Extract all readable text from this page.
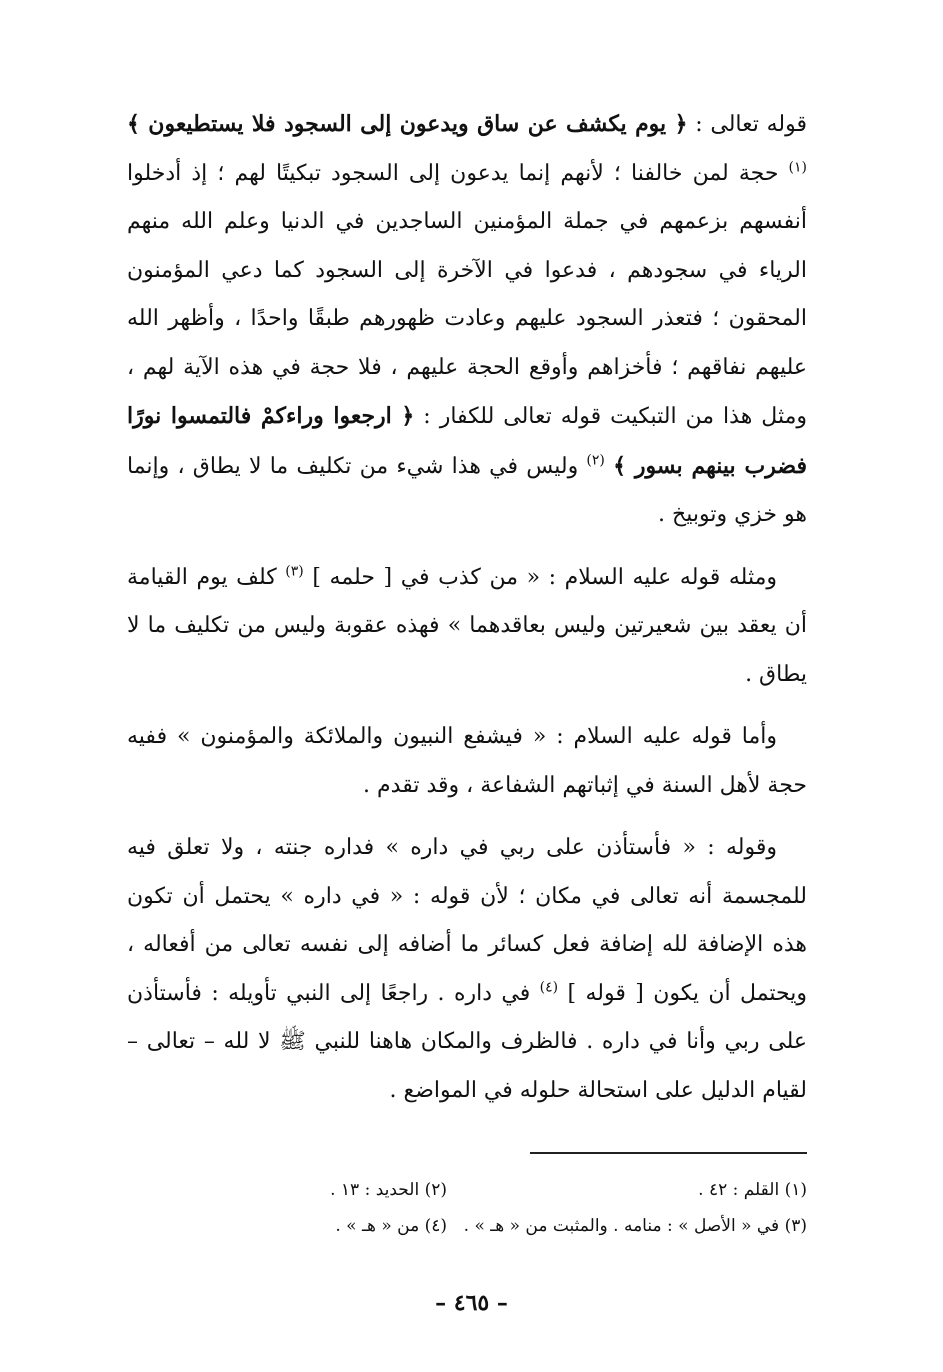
قوله تعالى : ﴿ يوم يكشف عن ساق ويدعون إلى السجود فلا يستطيعون ﴾ $^{(١)}$ حجة لمن خالفنا ؛ لأنهم إنما يدعون إلى السجود تبكيتًا لهم ؛ إذ أدخلوا أنفسهم بزعمهم في جملة المؤمنين الساجدين في الدنيا وعلم الله منهم الرياء في سجودهم ، فدعوا في الآخرة إلى السجود كما دعي المؤمنون المحقون ؛ فتعذر السجود عليهم وعادت ظهورهم طبقًا واحدًا ، وأظهر الله عليهم نفاقهم ؛ فأخزاهم وأوقع الحجة عليهم ، فلا حجة في هذه الآية لهم ، ومثل هذا من التبكيت قوله تعالى للكفار : ﴿ ارجعوا وراءكمْ فالتمسوا نورًا فضرب بينهم بسور ﴾ $^{(٢)}$ وليس في هذا شيء من تكليف ما لا يطاق ، وإنما هو خزي وتوبيخ .

ومثله قوله عليه السلام : « من كذب في [ حلمه ] $^{(٣)}$ كلف يوم القيامة أن يعقد بين شعيرتين وليس بعاقدهما » فهذه عقوبة وليس من تكليف ما لا يطاق .

وأما قوله عليه السلام : « فيشفع النبيون والملائكة والمؤمنون » ففيه حجة لأهل السنة في إثباتهم الشفاعة ، وقد تقدم .

وقوله : « فأستأذن على ربي في داره » فداره جنته ، ولا تعلق فيه للمجسمة أنه تعالى في مكان ؛ لأن قوله : « في داره » يحتمل أن تكون هذه الإضافة لله إضافة فعل كسائر ما أضافه إلى نفسه تعالى من أفعاله ، ويحتمل أن يكون [ قوله ] $^{(٤)}$ في داره . راجعًا إلى النبي تأويله : فأستأذن على ربي وأنا في داره . فالظرف والمكان هاهنا للنبي ﷺ لا لله – تعالى – لقيام الدليل على استحالة حلوله في المواضع .

(١) القلم : ٤٢ .
(٢) الحديد : ١٣ .
(٣) في « الأصل » : منامه . والمثبت من « هـ » .
(٤) من « هـ » .
– ٤٦٥ –
